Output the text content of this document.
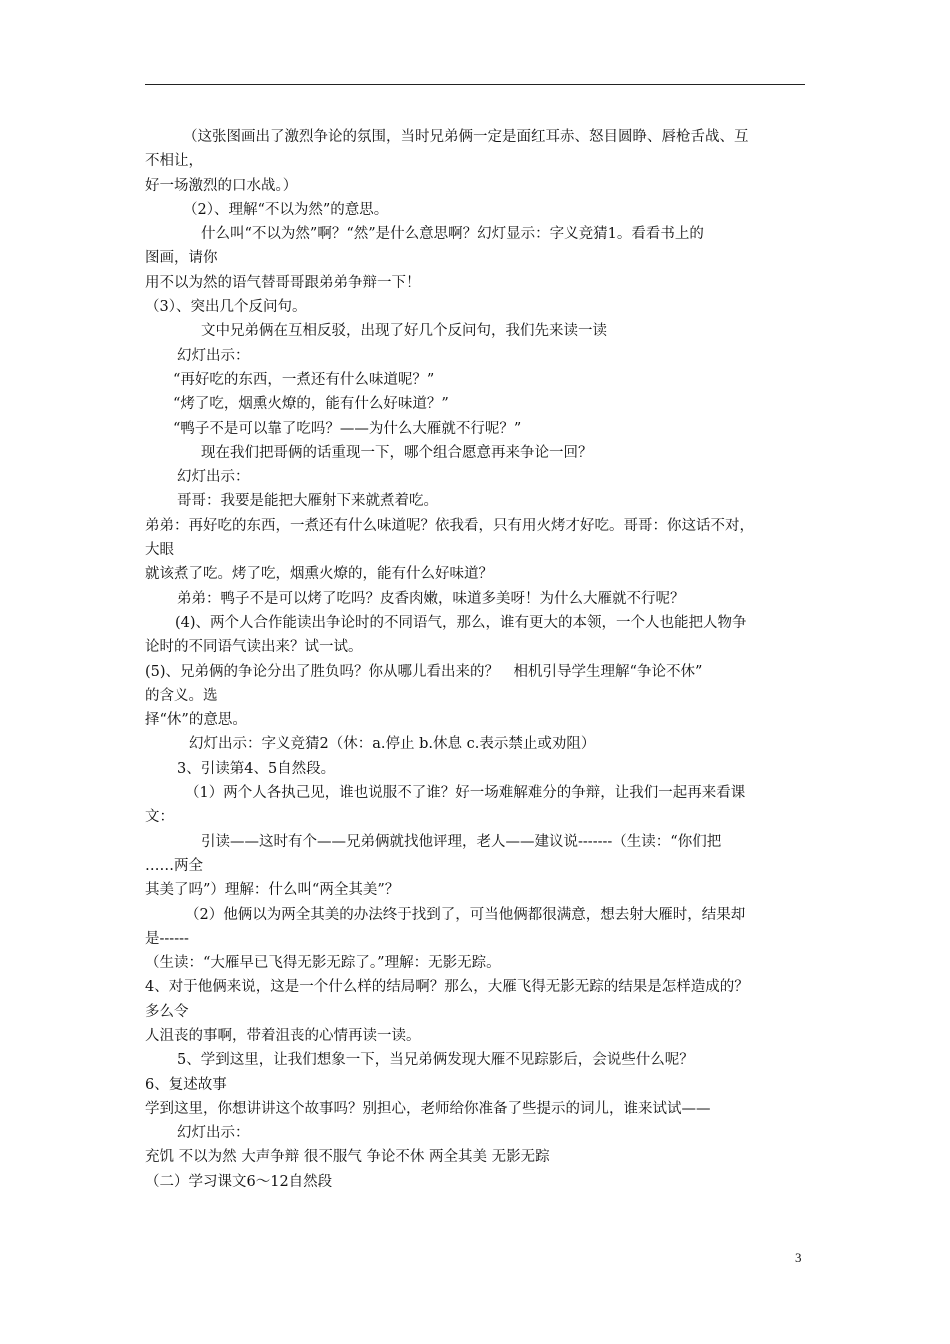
（这张图画出了激烈争论的氛围，当时兄弟俩一定是面红耳赤、怒目圆睁、唇枪舌战、互
不相让，
好一场激烈的口水战。）
（2）、理解“不以为然”的意思。
什么叫“不以为然”啊？“然”是什么意思啊？幻灯显示：字义竞猜1。看看书上的
图画，请你
用不以为然的语气替哥哥跟弟弟争辩一下！
（3）、突出几个反问句。
文中兄弟俩在互相反驳，出现了好几个反问句，我们先来读一读
幻灯出示：
“再好吃的东西，一煮还有什么味道呢？”
“烤了吃，烟熏火燎的，能有什么好味道？”
“鸭子不是可以靠了吃吗？——为什么大雁就不行呢？”
现在我们把哥俩的话重现一下，哪个组合愿意再来争论一回？
幻灯出示：
哥哥：我要是能把大雁射下来就煮着吃。
弟弟：再好吃的东西，一煮还有什么味道呢？依我看，只有用火烤才好吃。哥哥：你这话不对，
大眼
就该煮了吃。烤了吃，烟熏火燎的，能有什么好味道？
弟弟：鸭子不是可以烤了吃吗？皮香肉嫩，味道多美呀！为什么大雁就不行呢？
(4)、两个人合作能读出争论时的不同语气，那么，谁有更大的本领，一个人也能把人物争
论时的不同语气读出来？试一试。
(5)、兄弟俩的争论分出了胜负吗？你从哪儿看出来的？　相机引导学生理解“争论不休”
的含义。选
择“休”的意思。
幻灯出示：字义竞猜2（休：a.停止 b.休息 c.表示禁止或劝阻）
3、引读第4、5自然段。
（1）两个人各执己见，谁也说服不了谁？好一场难解难分的争辩，让我们一起再来看课
文：
引读——这时有个——兄弟俩就找他评理，老人——建议说-------（生读：“你们把
……两全
其美了吗”）理解：什么叫“两全其美”？
（2）他俩以为两全其美的办法终于找到了，可当他俩都很满意，想去射大雁时，结果却
是------
（生读：“大雁早已飞得无影无踪了。”理解：无影无踪。
4、对于他俩来说，这是一个什么样的结局啊？那么，大雁飞得无影无踪的结果是怎样造成的？
多么令
人沮丧的事啊，带着沮丧的心情再读一读。
5、学到这里，让我们想象一下，当兄弟俩发现大雁不见踪影后，会说些什么呢？
6、复述故事
学到这里，你想讲讲这个故事吗？别担心，老师给你准备了些提示的词儿，谁来试试——
幻灯出示：
充饥 不以为然 大声争辩 很不服气 争论不休 两全其美 无影无踪
（二）学习课文6～12自然段
3
